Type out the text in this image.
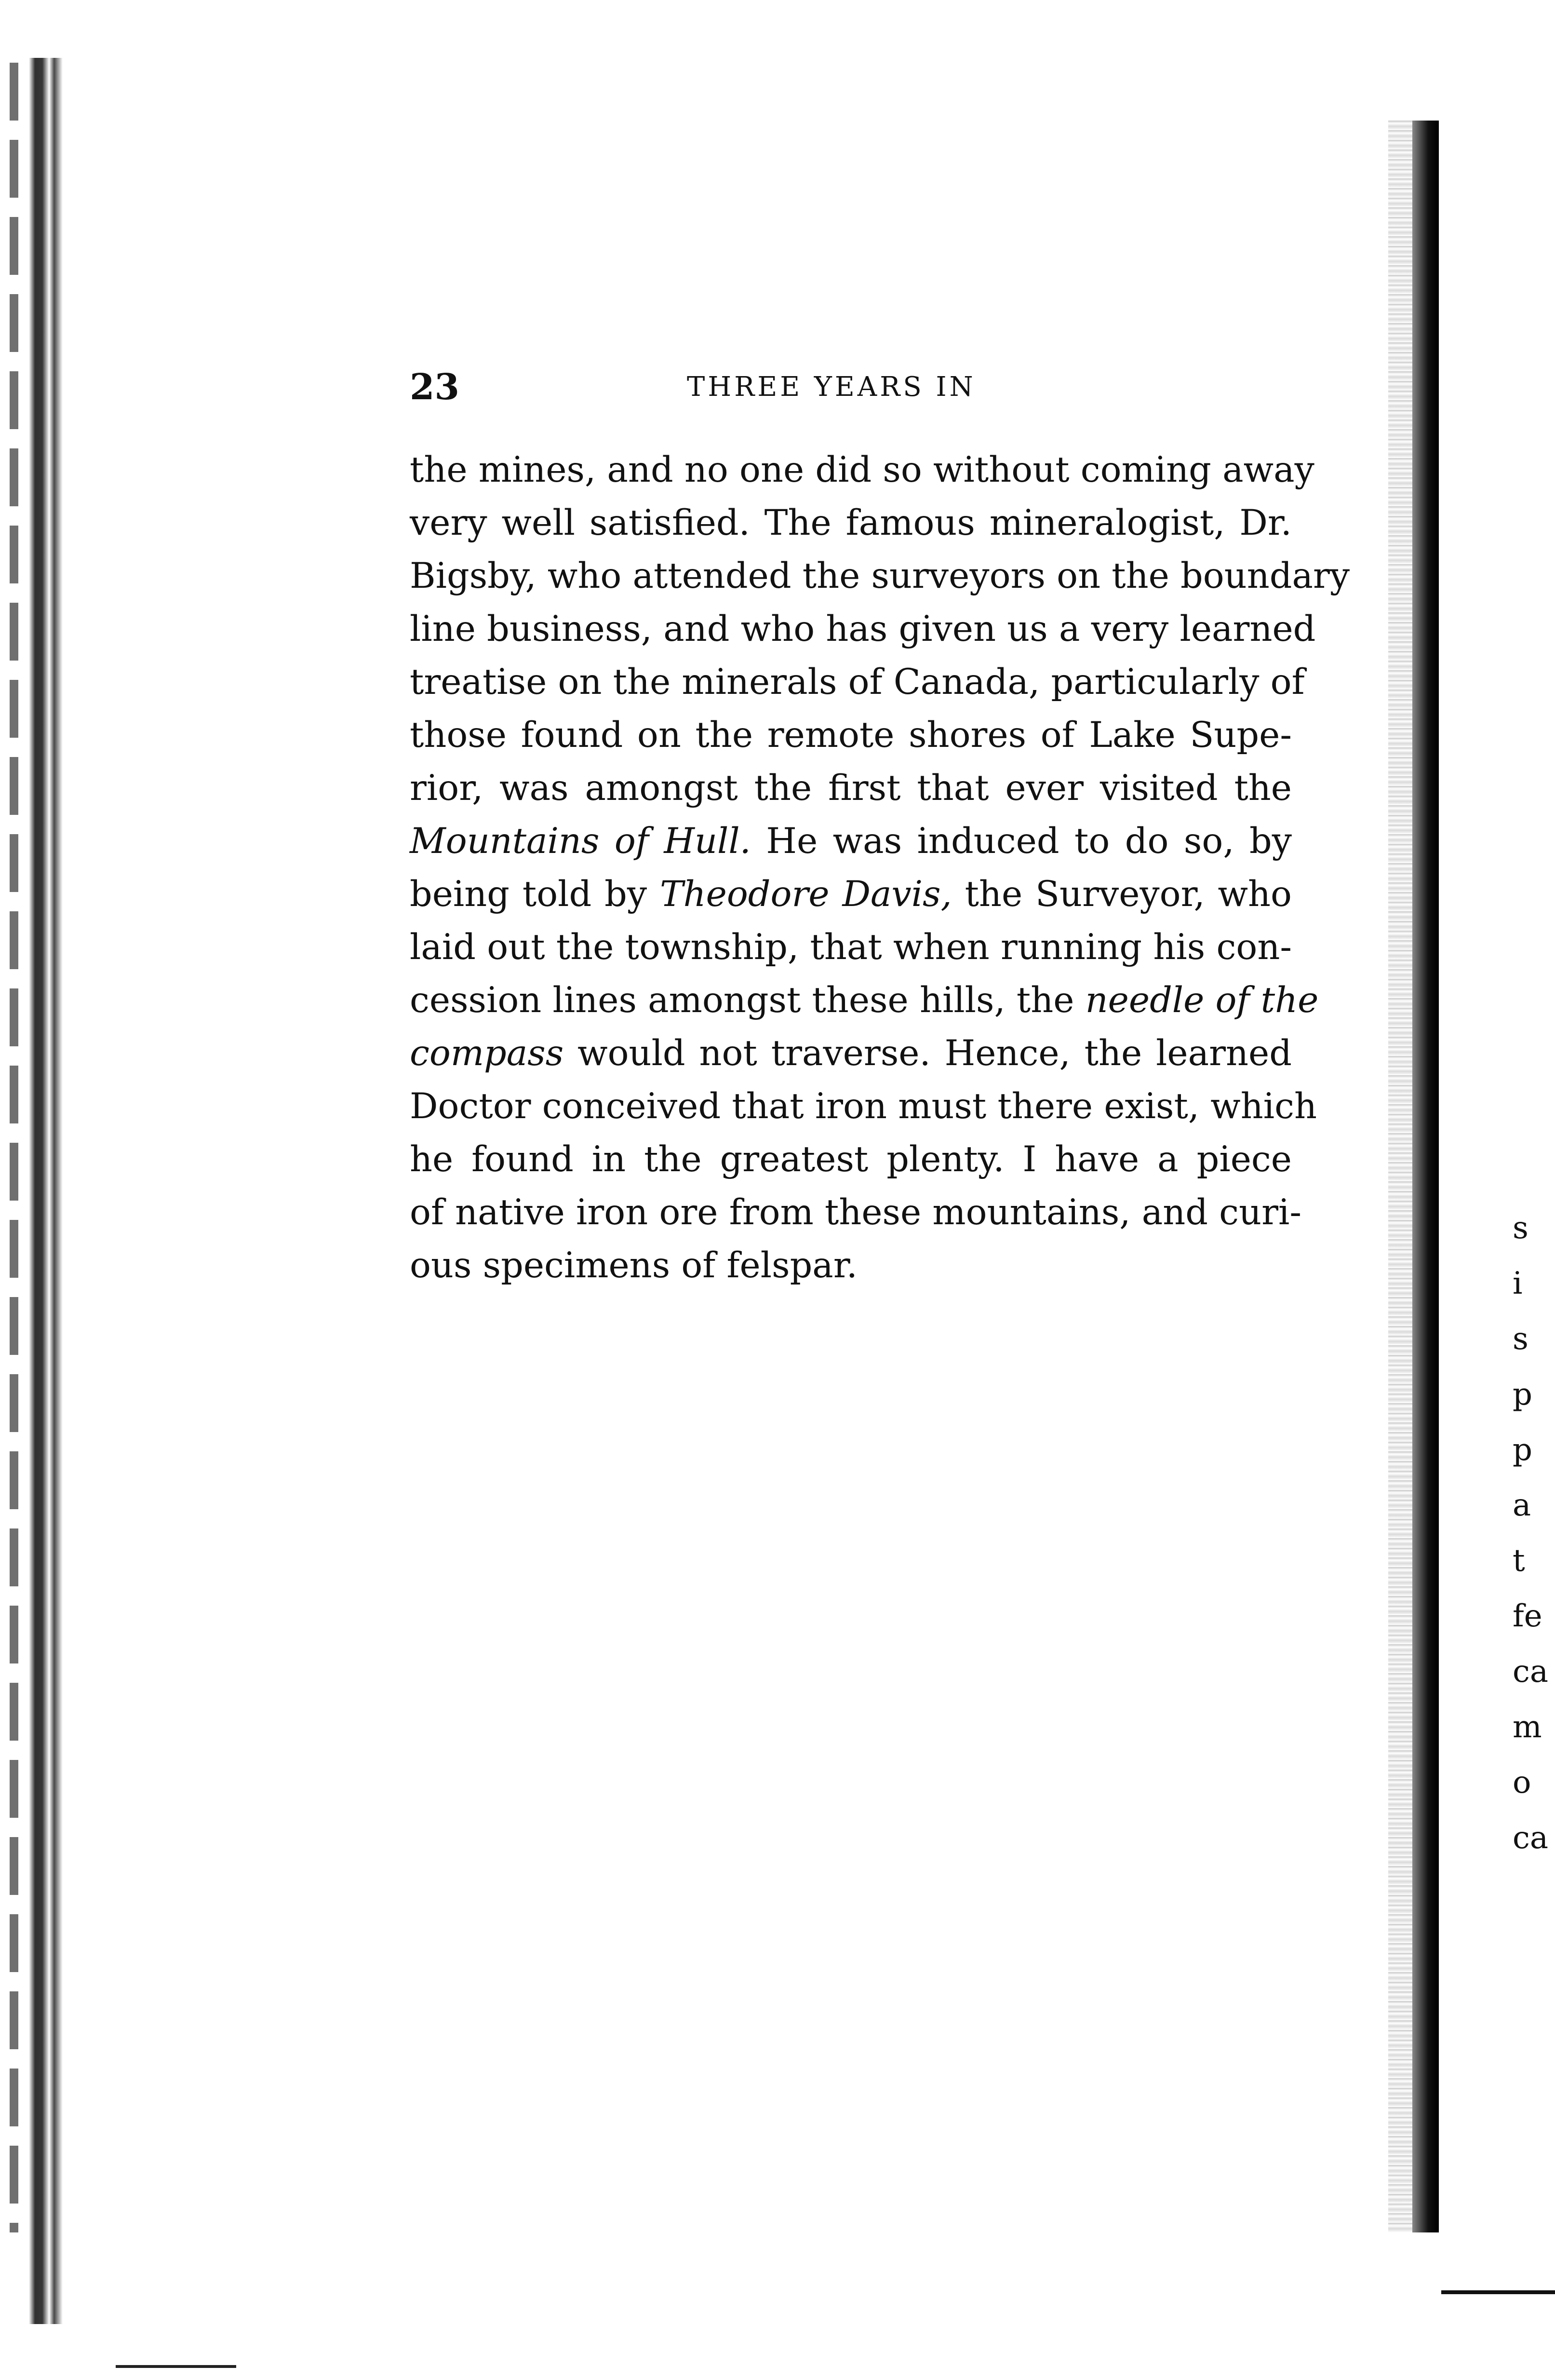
23	THREE YEARS IN
the mines, and no one did so without coming away
very well satisfied. The famous mineralogist, Dr.
Bigsby, who attended the surveyors on the boundary
line business, and who has given us a very learned
treatise on the minerals of Canada, particularly of
those found on the remote shores of Lake Supe-
rior, was amongst the first that ever visited the
Mountains of Hull. He was induced to do so, by
being told by Theodore Davis, the Surveyor, who
laid out the township, that when running his con-
cession lines amongst these hills, the needle of the
compass would not traverse. Hence, the learned
Doctor conceived that iron must there exist, which
he found in the greatest plenty. I have a piece
of native iron ore from these mountains, and curi-
ous specimens of felspar.
s
i
s
p
p
a
t
fe
ca
m
o
ca
